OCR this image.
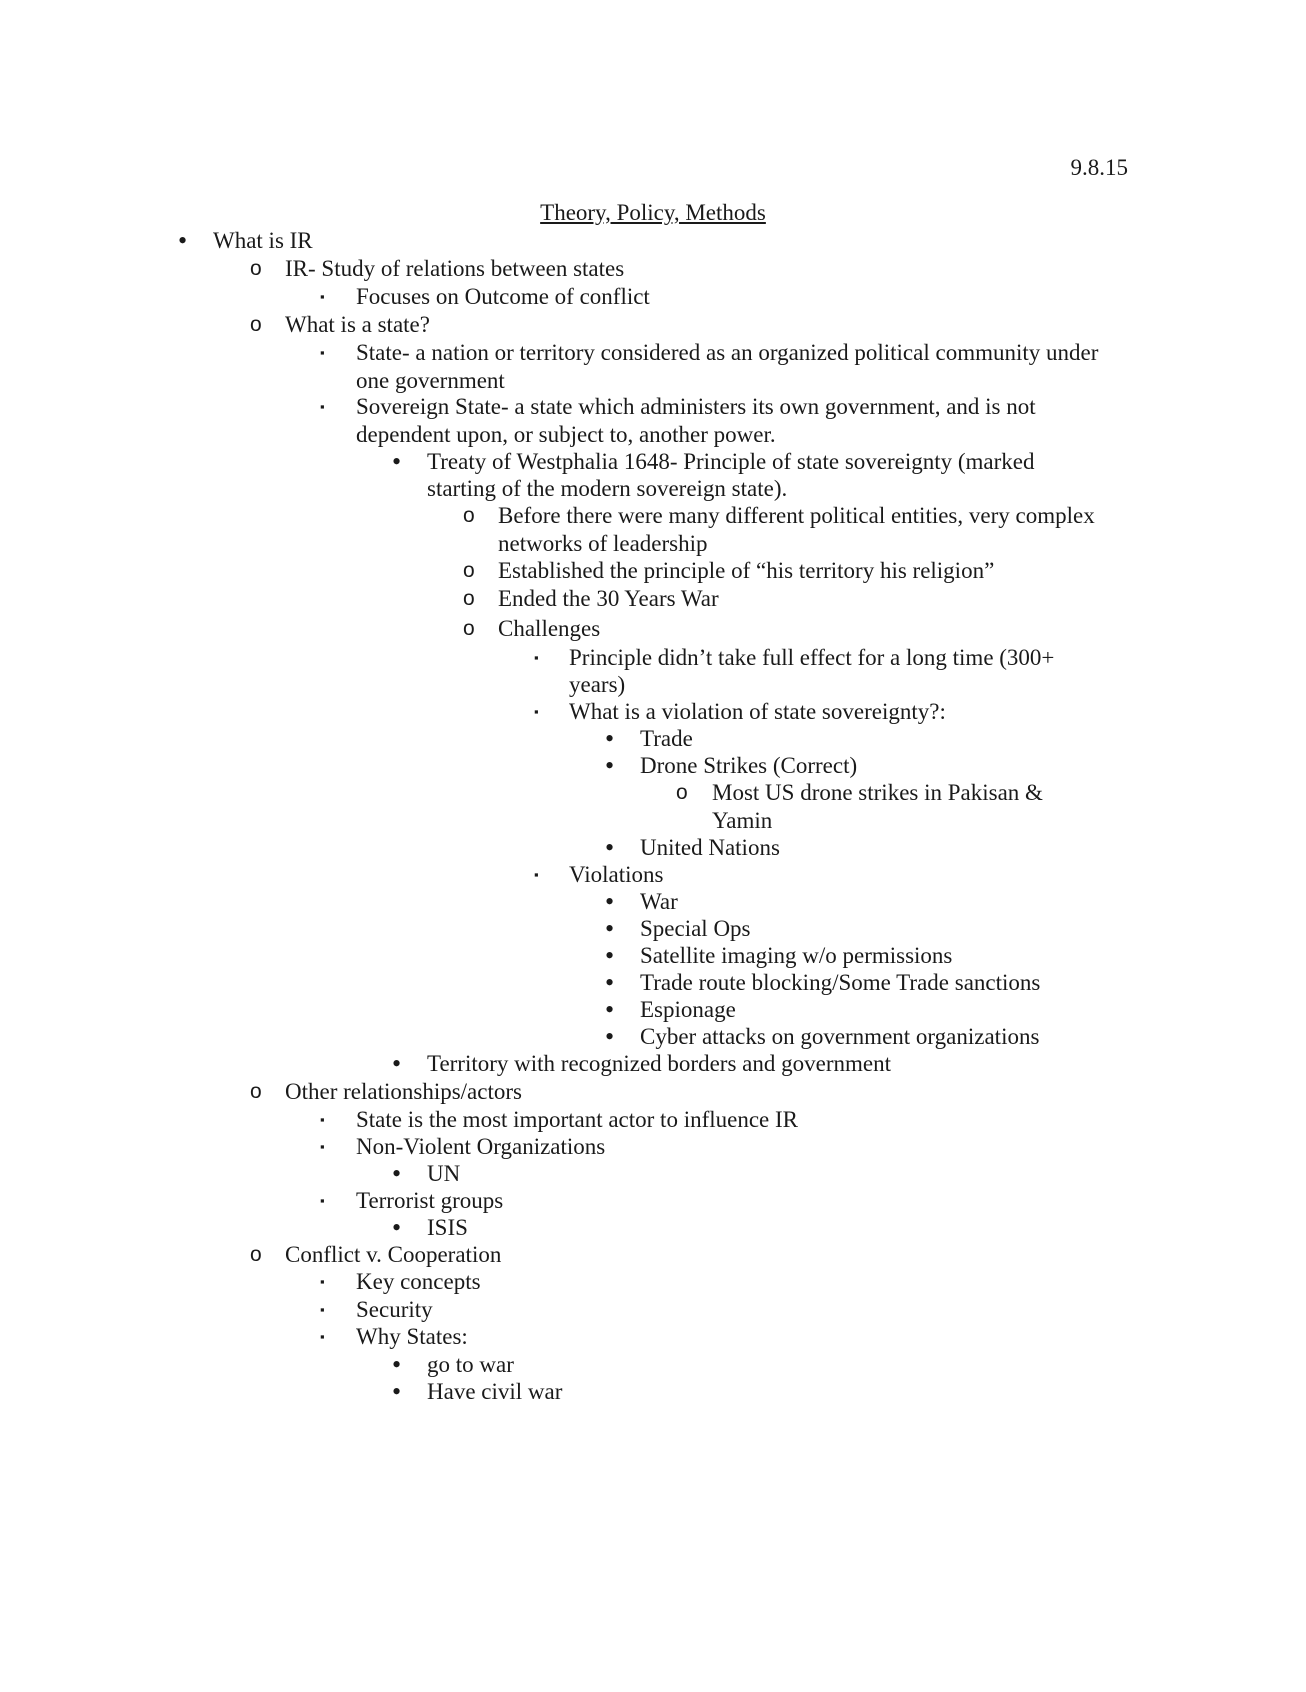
9.8.15
Theory, Policy, Methods
• What is IR
o IR- Study of relations between states
▪ Focuses on Outcome of conflict
o What is a state?
▪ State- a nation or territory considered as an organized political community under
one government
▪ Sovereign State- a state which administers its own government, and is not
dependent upon, or subject to, another power.
• Treaty of Westphalia 1648- Principle of state sovereignty (marked
starting of the modern sovereign state).
o Before there were many different political entities, very complex
networks of leadership
o Established the principle of “his territory his religion”
o Ended the 30 Years War
o Challenges
▪ Principle didn’t take full effect for a long time (300+
years)
▪ What is a violation of state sovereignty?:
• Trade
• Drone Strikes (Correct)
o Most US drone strikes in Pakisan &
Yamin
• United Nations
▪ Violations
• War
• Special Ops
• Satellite imaging w/o permissions
• Trade route blocking/Some Trade sanctions
• Espionage
• Cyber attacks on government organizations
• Territory with recognized borders and government
o Other relationships/actors
▪ State is the most important actor to influence IR
▪ Non-Violent Organizations
• UN
▪ Terrorist groups
• ISIS
o Conflict v. Cooperation
▪ Key concepts
▪ Security
▪ Why States:
• go to war
• Have civil war
